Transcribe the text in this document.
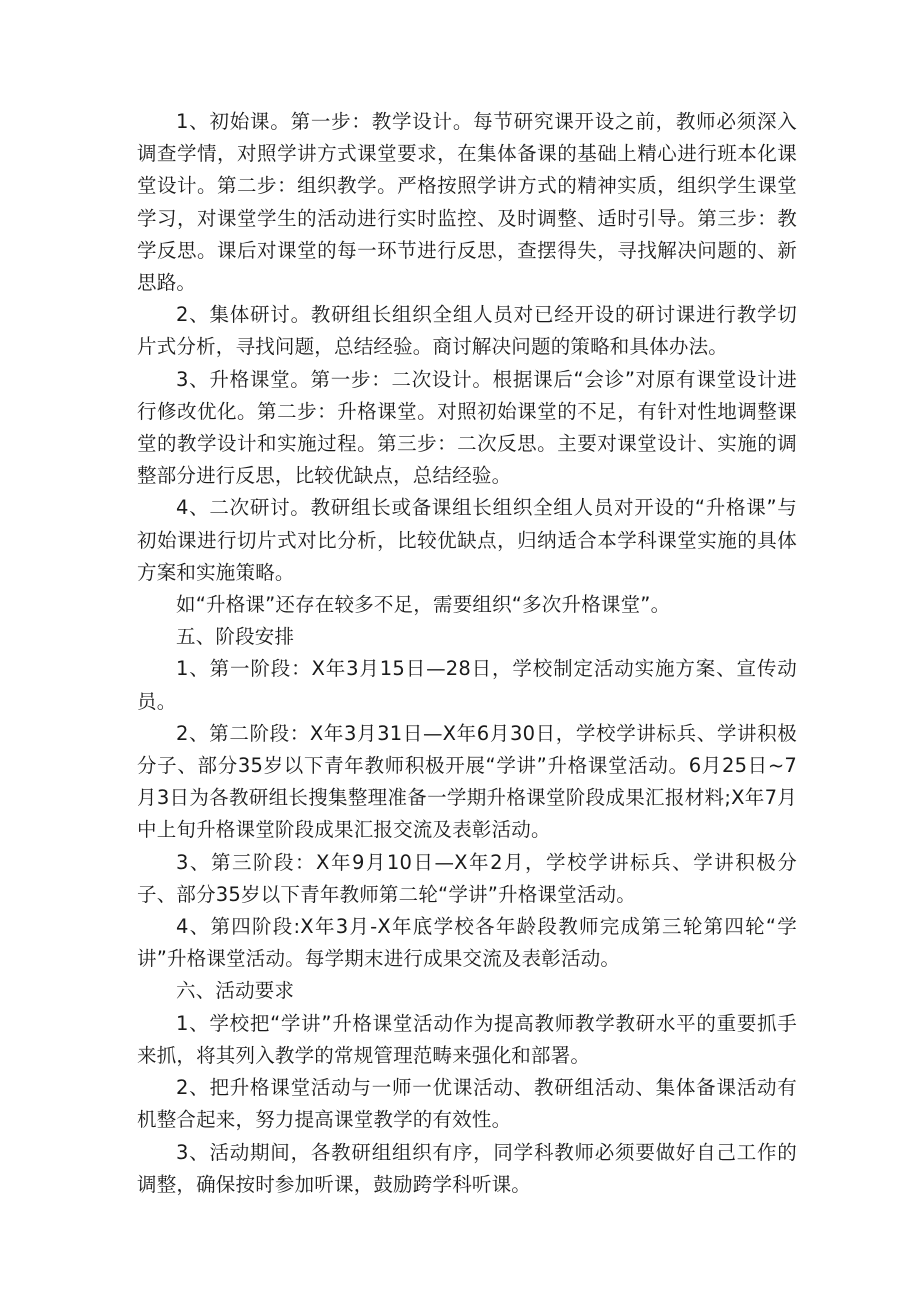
1、初始课。第一步：教学设计。每节研究课开设之前，教师必须深入调查学情，对照学讲方式课堂要求，在集体备课的基础上精心进行班本化课堂设计。第二步：组织教学。严格按照学讲方式的精神实质，组织学生课堂学习，对课堂学生的活动进行实时监控、及时调整、适时引导。第三步：教学反思。课后对课堂的每一环节进行反思，查摆得失，寻找解决问题的、新思路。

2、集体研讨。教研组长组织全组人员对已经开设的研讨课进行教学切片式分析，寻找问题，总结经验。商讨解决问题的策略和具体办法。

3、升格课堂。第一步：二次设计。根据课后“会诊”对原有课堂设计进行修改优化。第二步：升格课堂。对照初始课堂的不足，有针对性地调整课堂的教学设计和实施过程。第三步：二次反思。主要对课堂设计、实施的调整部分进行反思，比较优缺点，总结经验。

4、二次研讨。教研组长或备课组长组织全组人员对开设的“升格课”与初始课进行切片式对比分析，比较优缺点，归纳适合本学科课堂实施的具体方案和实施策略。

如“升格课”还存在较多不足，需要组织“多次升格课堂”。

五、阶段安排

1、第一阶段：X年3月15日—28日，学校制定活动实施方案、宣传动员。

2、第二阶段：X年3月31日—X年6月30日，学校学讲标兵、学讲积极分子、部分35岁以下青年教师积极开展“学讲”升格课堂活动。6月25日~7月3日为各教研组长搜集整理准备一学期升格课堂阶段成果汇报材料;X年7月中上旬升格课堂阶段成果汇报交流及表彰活动。

3、第三阶段：X年9月10日—X年2月，学校学讲标兵、学讲积极分子、部分35岁以下青年教师第二轮“学讲”升格课堂活动。

4、第四阶段:X年3月-X年底学校各年龄段教师完成第三轮第四轮“学讲”升格课堂活动。每学期末进行成果交流及表彰活动。

六、活动要求

1、学校把“学讲”升格课堂活动作为提高教师教学教研水平的重要抓手来抓，将其列入教学的常规管理范畴来强化和部署。

2、把升格课堂活动与一师一优课活动、教研组活动、集体备课活动有机整合起来，努力提高课堂教学的有效性。

3、活动期间，各教研组组织有序，同学科教师必须要做好自己工作的调整，确保按时参加听课，鼓励跨学科听课。
